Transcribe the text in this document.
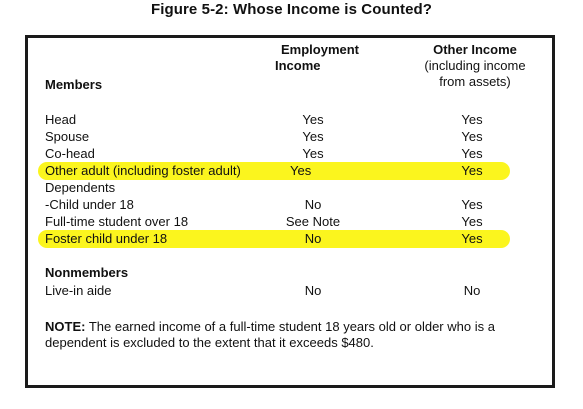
Figure 5-2: Whose Income is Counted?
Employment
Income
Other Income
(including income
from assets)
Members
Head	Yes	Yes
Spouse	Yes	Yes
Co-head	Yes	Yes
Other adult (including foster adult)	Yes	Yes
Dependents
-Child under 18	No	Yes
Full-time student over 18	See Note	Yes
Foster child under 18	No	Yes
Nonmembers
Live-in aide	No	No
NOTE: The earned income of a full-time student 18 years old or older who is a dependent is excluded to the extent that it exceeds $480.
